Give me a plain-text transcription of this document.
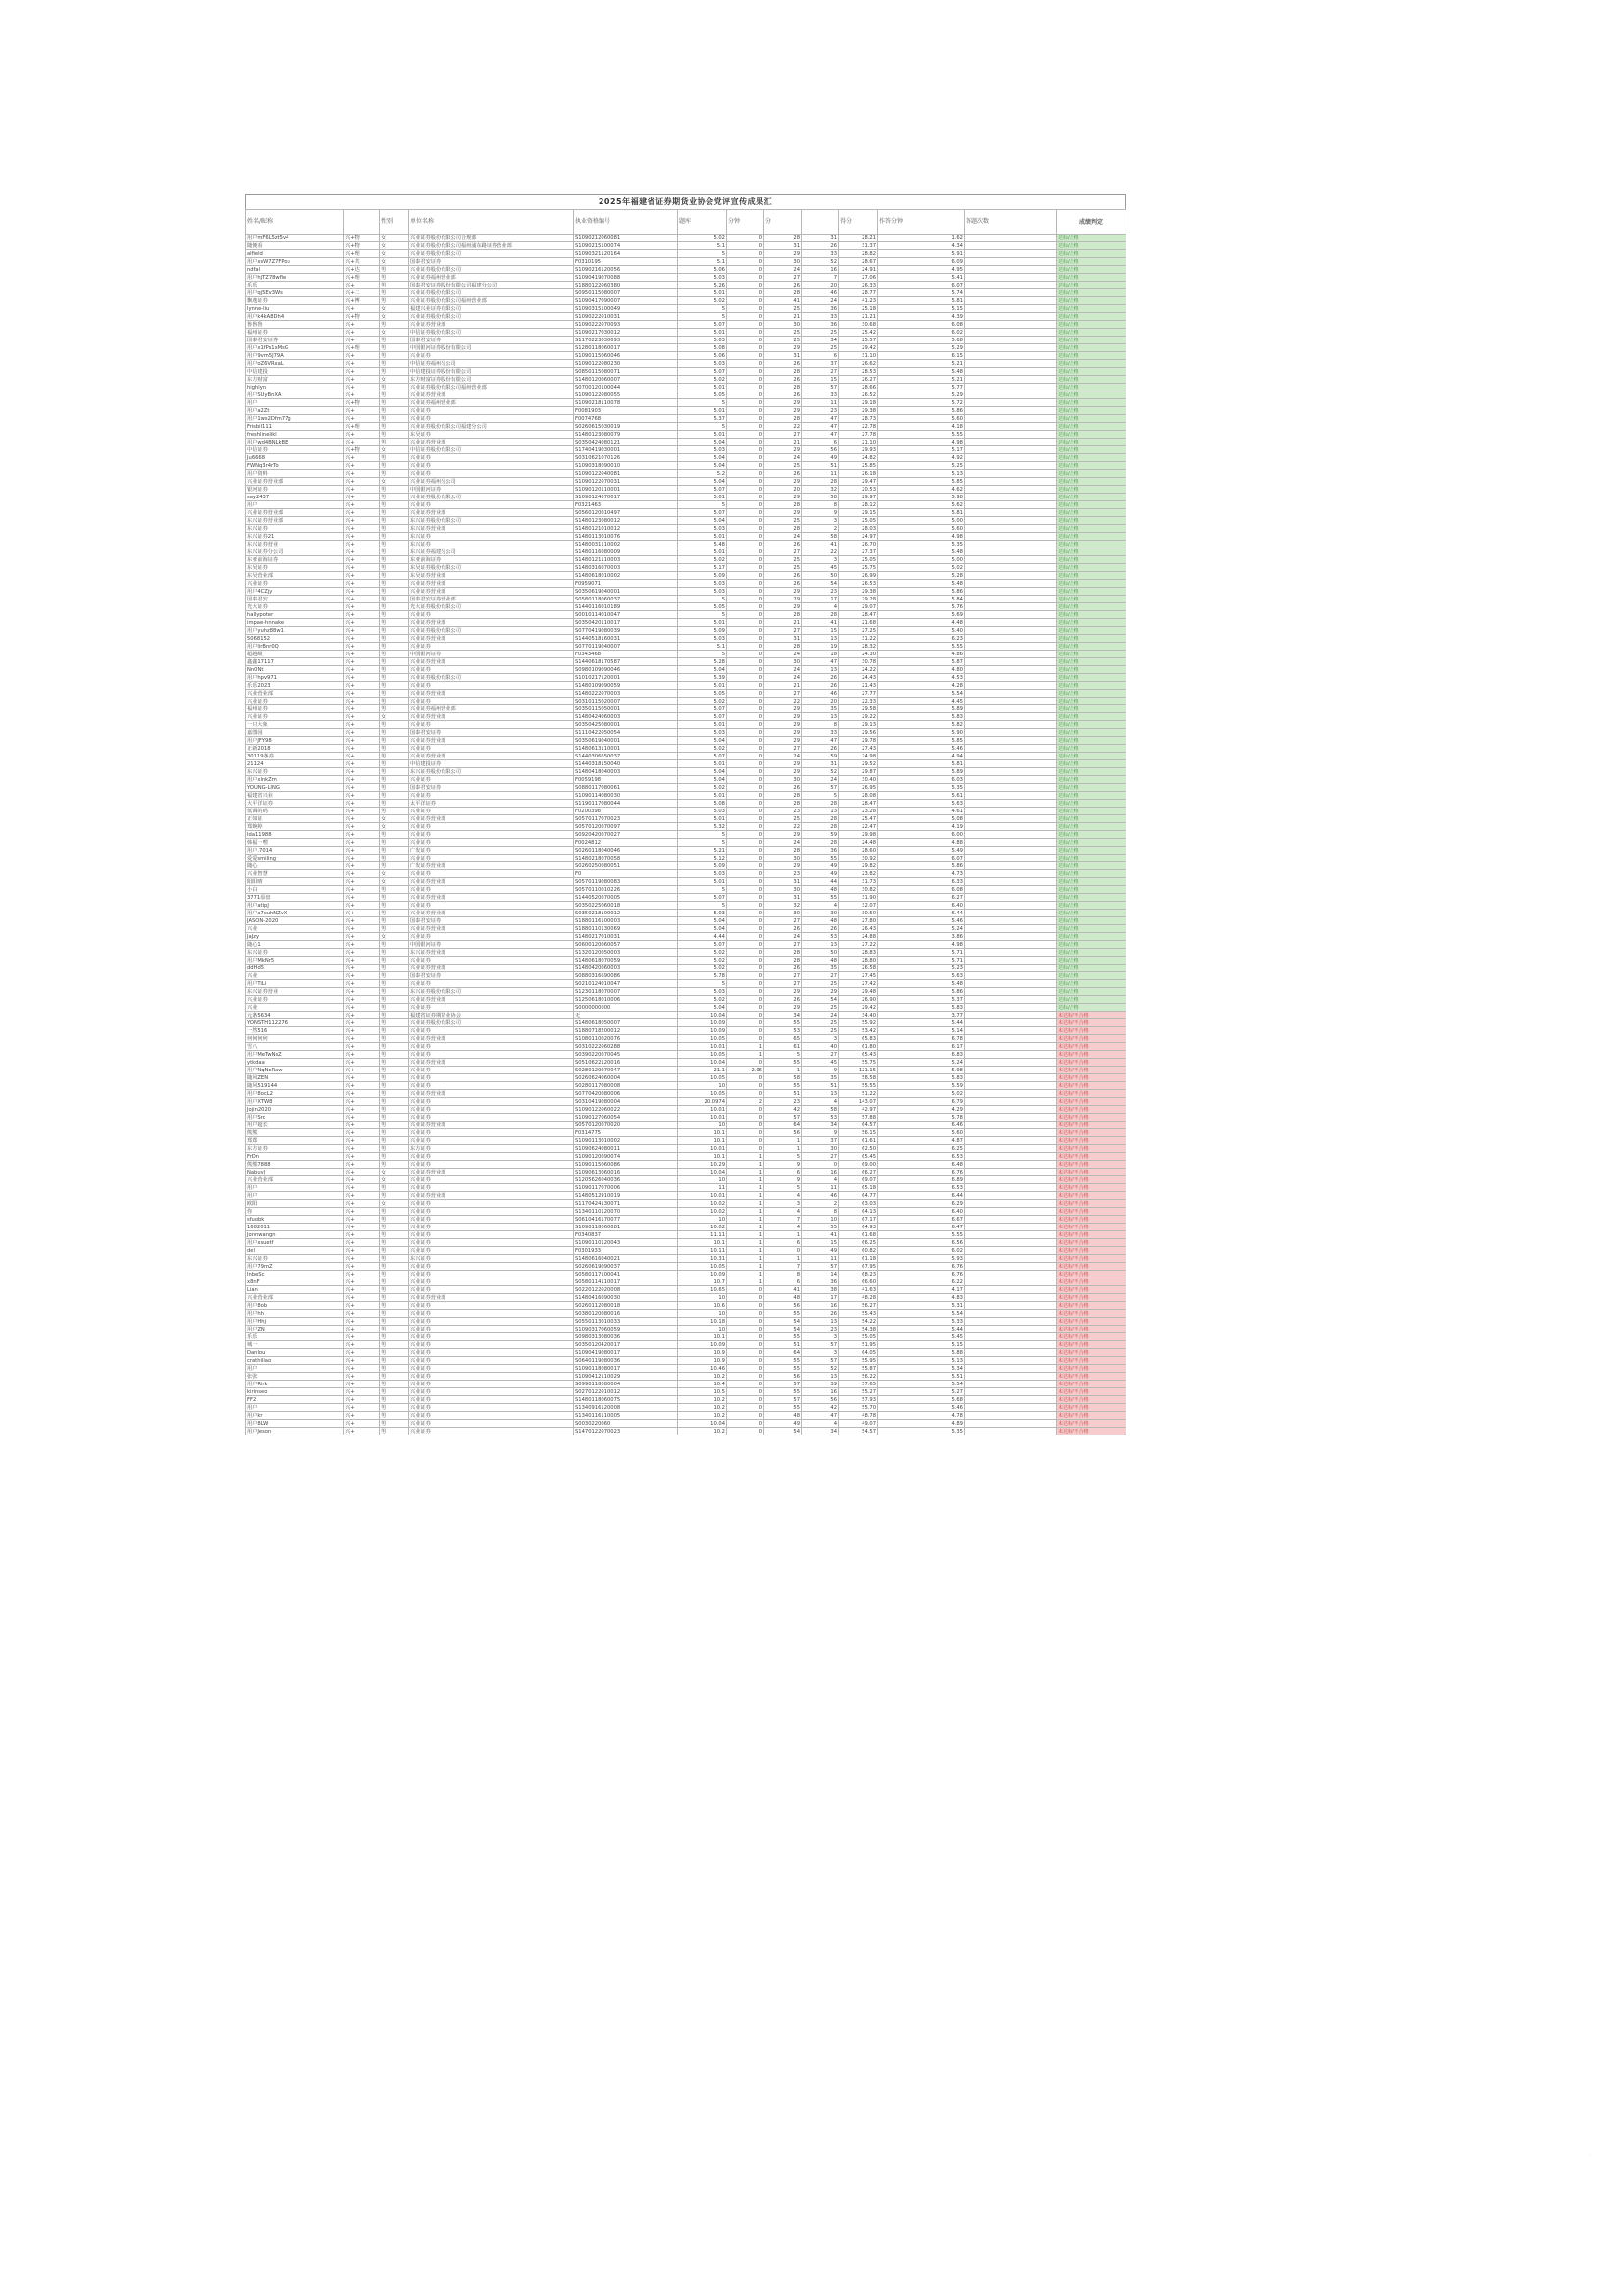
2025年福建省证券期货业协会党评宣传成果汇
姓名/昵称		性别	单位名称	执业资格编号	题库	分钟	分		得分	作答分钟	答题次数	成绩判定
用户mF6L5zt5v4	兴+物	女	兴业证券股份有限公司合规部	S1090212060081	5.02	0	28	31	28.21	1.62		达标/合格
随便看	兴+物	女	兴业证券股份有限公司福州浦东路证券营业部	S1090215100074	5.1	0	31	26	31.37	4.34		达标/合格
alfield	兴+理	女	兴业证券股份有限公司	S1090321120164	5	0	29	33	28.82	5.91		达标/合格
用户xsW7Z7FPou	兴+共	女	国泰君安证券	F0310195	5.1	0	30	52	28.67	6.09		达标/合格
ndfal	兴+达	男	兴业证券股份有限公司	S1090216120056	5.06	0	24	16	24.91	4.95		达标/合格
用户hjTZ78wfle	兴+理	男	兴业证券福州营业部	S1090419070088	5.03	0	27	7	27.06	5.41		达标/合格
乐乐	兴+	男	国泰君安证券股份有限公司福建分公司	S1880122060380	5.26	0	26	20	26.33	6.07		达标/合格
用户qj5Ev3Ws	兴+二	男	兴业证券股份有限公司	S0950115080007	5.01	0	28	46	28.77	5.74		达标/合格
飘逸证券	兴+博	男	兴业证券股份有限公司福州营业部	S1090417090007	5.02	0	41	24	41.23	5.81		达标/合格
lynne-liu	兴+	女	福建兴业证券有限公司	S1090315100049	5	0	25	36	25.18	5.15		达标/合格
用户k4kA8Dh4	兴+物	女	兴业证券股份有限公司	S1090222010031	5	0	21	33	21.21	4.39		达标/合格
鲁鲁鲁	兴+	男	兴业证券营业部	S1090222070093	5.07	0	30	36	30.68	6.08		达标/合格
福州证券	兴+	女	中信证券股份有限公司	S1090217030012	5.01	0	25	25	25.42	6.02		达标/合格
国泰君安证券	兴+	男	国泰君安证券	S1170223030093	5.03	0	25	34	25.57	5.68		达标/合格
用户x1fPs1xMsG	兴+理	男	中国银河证券股份有限公司	S1280118060017	5.08	0	29	25	29.42	5.29		达标/合格
用户9vm5J79A	兴+	男	兴业证券	S1090115060046	5.06	0	31	6	31.10	6.15		达标/合格
用户oZ6VRxaL	兴+	男	中信证券福州分公司	S1090122080230	5.03	0	26	37	26.62	5.21		达标/合格
中信建投	兴+	男	中信建投证券股份有限公司	S0850115080071	5.07	0	28	27	28.53	5.48		达标/合格
东方财富	兴+	女	东方财富证券股份有限公司	S1480120060007	5.02	0	26	15	26.27	5.21		达标/合格
highlyn	兴+	男	兴业证券股份有限公司福州营业部	S0700120100044	5.01	0	28	57	28.66	5.77		达标/合格
用户SUyBnXA	兴+	男	兴业证券营业部	S1090122080055	5.05	0	26	33	26.52	5.29		达标/合格
用户	兴+物	男	兴业证券福州营业部	S1090218110078	5	0	29	11	29.18	5.72		达标/合格
用户a2Zt	兴+	男	兴业证券	F0081903	5.01	0	29	23	29.38	5.86		达标/合格
用户1ws2Dfm77g	兴+	男	兴业证券	F0074768	5.37	0	28	47	28.73	5.60		达标/合格
Frisbil111	兴+理	男	兴业证券股份有限公司福建分公司	S0260615030019	5	0	22	47	22.78	4.18		达标/合格
freshlinelikl	兴+	男	东吴证券	S1480123080079	5.01	0	27	47	27.78	5.55		达标/合格
用户wd4BNLkBE	兴+	男	兴业证券营业部	S0350424080121	5.04	0	21	6	21.10	4.98		达标/合格
中信证券	兴+物	女	中信证券股份有限公司	S1740419030001	5.03	0	29	56	29.93	5.17		达标/合格
Ju6668	兴+	男	兴业证券	S0310621070126	5.04	0	24	49	24.82	4.92		达标/合格
FWNq3r4rTo	兴+	男	兴业证券	S1090318090010	5.04	0	25	51	25.85	5.25		达标/合格
用户资料	兴+	男	兴业证券	S1090122040081	5.2	0	26	11	26.18	5.13		达标/合格
兴业证券营业部	兴+	女	兴业证券福州分公司	S1090122070031	5.04	0	29	28	29.47	5.85		达标/合格
银河证券	兴+	男	中国银河证券	S1090120110001	5.07	0	20	32	20.53	4.62		达标/合格
say2437	兴+	男	兴业证券股份有限公司	S1090124070017	5.01	0	29	58	29.97	5.98		达标/合格
用户	兴+	男	兴业证券	F0321463	5	0	28	8	28.12	5.62		达标/合格
兴业证券营业部	兴+	男	兴业证券营业部	S0560120010497	5.07	0	29	9	29.15	5.81		达标/合格
东兴证券营业部	兴+	男	东兴证券股份有限公司	S1480123080012	5.04	0	25	3	25.05	5.00		达标/合格
东兴证券	兴+	男	东兴证券营业部	S1480121010012	5.03	0	28	2	28.03	5.60		达标/合格
东兴证券21	兴+	男	东兴证券	S1480113010076	5.01	0	24	58	24.97	4.98		达标/合格
东兴证券营业	兴+	男	东兴证券	S1480031110002	5.48	0	26	41	26.70	5.35		达标/合格
东兴证券分公司	兴+	男	东兴证券福建分公司	S1480116080009	5.01	0	27	22	27.37	5.48		达标/合格
东亚前海证券	兴+	男	东亚前海证券	S1480121110003	5.02	0	25	3	25.05	5.00		达标/合格
东吴证券	兴+	男	东吴证券股份有限公司	S1480316070003	5.17	0	25	45	25.75	5.02		达标/合格
东吴营业部	兴+	男	东吴证券营业部	S1480618010002	5.09	0	26	50	26.99	5.28		达标/合格
兴业证券	兴+	男	兴业证券营业部	F0959071	5.03	0	26	54	26.53	5.48		达标/合格
用户4CZjy	兴+	男	兴业证券营业部	S0350619040001	5.03	0	29	23	29.38	5.86		达标/合格
国泰君安	兴+	男	国泰君安证券营业部	S0580118060037	5	0	29	17	29.28	5.84		达标/合格
光大证券	兴+	男	光大证券股份有限公司	S1440116010189	5.05	0	29	4	29.07	5.76		达标/合格
hallypoter	兴+	男	兴业证券	S0010114010047	5	0	28	28	28.47	5.69		达标/合格
impae-hnnake	兴+	男	兴业证券营业部	S0350420110017	5.01	0	21	41	21.68	4.48		达标/合格
用户yuhz88w1	兴+	男	兴业证券股份有限公司	S0770419080039	5.09	0	27	15	27.25	5.40		达标/合格
5068152	兴+	男	兴业证券营业部	S1440518160031	5.03	0	31	13	31.22	6.23		达标/合格
用户lirBnr0Q	兴+	男	兴业证券	S0770119040007	5.1	0	28	19	28.32	5.55		达标/合格
超越级	兴+	男	中国银河证券	F0343468	5	0	24	18	24.30	4.86		达标/合格
鑫鑫17117	兴+	男	兴业证券营业部	S1440618170587	5.28	0	30	47	30.78	5.87		达标/合格
Nn0Nt	兴+	男	兴业证券	S0980109090046	5.04	0	24	13	24.22	4.80		达标/合格
用户hpv971	兴+	男	兴业证券股份有限公司	S1010217120001	5.39	0	24	26	24.43	4.53		达标/合格
乐乐2023	兴+	男	兴业证券	S1480109090059	5.01	0	21	26	21.43	4.28		达标/合格
兴业营业部	兴+	男	兴业证券营业部	S1480222070003	5.05	0	27	46	27.77	5.54		达标/合格
兴业证券	兴+	男	兴业证券	S0310115020007	5.02	0	22	20	22.33	4.45		达标/合格
福州证券	兴+	男	兴业证券福州营业部	S0350115050001	5.07	0	29	35	29.58	5.89		达标/合格
兴业证券	兴+	女	兴业证券营业部	S1480424060003	5.07	0	29	13	29.22	5.83		达标/合格
一只大象	兴+	男	兴业证券	S0350425080001	5.01	0	29	8	29.13	5.82		达标/合格
嘉图园	兴+	男	国泰君安证券	S1110422050054	5.03	0	29	33	29.56	5.90		达标/合格
用户JFY98	兴+	男	兴业证券营业部	S0350619040001	5.04	0	29	47	29.78	5.85		达标/合格
正新2018	兴+	男	兴业证券	S1480613110001	5.02	0	27	26	27.43	5.46		达标/合格
30119条券	兴+	男	兴业证券营业部	S1440306650037	5.07	0	24	59	24.98	4.94		达标/合格
21124	兴+	男	中信建投证券	S1440318150040	5.01	0	29	31	29.52	5.81		达标/合格
东兴证券	兴+	男	东兴证券股份有限公司	S1480418040003	5.04	0	29	52	29.87	5.89		达标/合格
用户xlnkZm	兴+	男	兴业证券	F0059198	5.04	0	30	24	30.40	6.03		达标/合格
YOUNG-LING	兴+	男	国泰君安证券	S0880117080061	5.02	0	26	57	26.95	5.35		达标/合格
福建省兴业	兴+	男	兴业证券	S1090114080030	5.01	0	28	5	28.08	5.61		达标/合格
大平洋证券	兴+	男	太平洋证券	S1190117080044	5.08	0	28	28	28.47	5.63		达标/合格
低调的码	兴+	男	兴业证券	F0200398	5.03	0	23	13	23.28	4.61		达标/合格
正如证	兴+	女	兴业证券营业部	S0570117070023	5.01	0	25	28	25.47	5.08		达标/合格
郑婉婷	兴+	女	兴业证券	S0570120070097	5.32	0	22	28	22.47	4.19		达标/合格
Ida11988	兴+	男	兴业证券	S0920420070027	5	0	29	59	29.98	6.00		达标/合格
韩福一嘿	兴+	男	兴业证券	F0024812	5	0	24	28	24.48	4.88		达标/合格
用户.7014	兴+	男	广发证券	S0260118040046	5.21	0	28	36	28.60	5.49		达标/合格
爱爱smiling	兴+	男	兴业证券	S1480218070058	5.12	0	30	55	30.92	6.07		达标/合格
随心	兴+	男	广发证券营业部	S0260250080051	5.09	0	29	49	29.82	5.86		达标/合格
兴业智慧	兴+	女	兴业证券	F0	5.03	0	23	49	23.82	4.73		达标/合格
阳阳晴	兴+	女	兴业证券营业部	S0570119080083	5.01	0	31	44	31.73	6.33		达标/合格
小白	兴+	男	兴业证券	S0570110010226	5	0	30	48	30.82	6.08		达标/合格
3771原盘	兴+	男	兴业证券营业部	S1440520070005	5.07	0	31	55	31.90	6.27		达标/合格
用户atipJ	兴+	男	兴业证券	S0350225060018	5	0	32	4	32.07	6.40		达标/合格
用户a7cuhNZvX	兴+	男	兴业证券营业部	S0350218100012	5.03	0	30	30	30.50	6.44		达标/合格
JASON-2020	兴+	男	国泰君安证券	S1880116100003	5.04	0	27	48	27.80	5.46		达标/合格
兴业	兴+	男	兴业证券营业部	S1880110130069	5.04	0	26	26	26.43	5.24		达标/合格
JaJzy	兴+	女	兴业证券	S1480217010031	4.44	0	24	53	24.88	3.86		达标/合格
随心1	兴+	男	中国银河证券	S0600120060057	5.07	0	27	13	27.22	4.98		达标/合格
东兴证券	兴+	男	东兴证券营业部	S1320120050003	5.02	0	28	50	28.83	5.71		达标/合格
用户MkNr5	兴+	男	兴业证券	S1480618070059	5.02	0	28	48	28.80	5.71		达标/合格
ddHd5	兴+	男	兴业证券营业部	S1480420060003	5.02	0	26	35	26.58	5.23		达标/合格
兴业	兴+	男	国泰君安证券	S0880316690086	5.78	0	27	27	27.45	5.63		达标/合格
用户TiLi	兴+	男	兴业证券	S0210124010047	5	0	27	25	27.42	5.48		达标/合格
东兴证券营业	兴+	男	东兴证券股份有限公司	S1230118070007	5.03	0	29	29	29.48	5.86		达标/合格
兴业证券	兴+	男	兴业证券营业部	S1250618010006	5.02	0	26	54	26.90	5.37		达标/合格
兴业	兴+	男	兴业证券	S0000000000	5.04	0	29	25	29.42	5.83		达标/合格
元条5634	兴+	男	福建省证券期货业协会	无	10.04	0	34	24	34.40	3.77		未达标/不合格
YONSTH112276	兴+	男	兴业证券股份有限公司	S1480618050007	10.09	0	55	25	55.92	5.44		未达标/不合格
一然516	兴+	男	兴业证券	S1880718200012	10.09	0	53	25	53.42	5.14		未达标/不合格
何何何何	兴+	男	兴业证券营业部	S1080110020076	10.05	0	65	3	65.83	6.78		未达标/不合格
雪八	兴+	男	兴业证券	S0310222060288	10.01	1	61	40	61.80	6.17		未达标/不合格
用户MeTwNsZ	兴+	男	兴业证券	S0390220070045	10.05	1	5	27	65.43	6.83		未达标/不合格
ytkdaa	兴+	男	兴业证券营业部	S0510622120016	10.04	0	55	45	55.75	5.24		未达标/不合格
用户NqNeRaw	兴+	男	兴业证券	S0280120070047	21.1	2.06	1	9	121.15	5.98		未达标/不合格
随风ZEN	兴+	男	兴业证券	S0260624060004	10.05	0	58	35	58.58	5.83		未达标/不合格
随风519144	兴+	男	兴业证券	S0280117080008	10	0	55	51	55.55	5.59		未达标/不合格
用户8ocL2	兴+	男	兴业证券营业部	S0770420080006	10.05	0	51	13	51.22	5.02		未达标/不合格
用户XTW8	兴+	男	兴业证券	S0310419080004	20.0974	2	23	4	143.07	6.79		未达标/不合格
Jojin2020	兴+	男	兴业证券	S1090122060022	10.01	0	42	58	42.97	4.29		未达标/不合格
用户Src	兴+	男	兴业证券	S1090127060054	10.01	0	57	53	57.88	5.78		未达标/不合格
用户超长	兴+	男	兴业证券营业部	S0570120070020	10	0	64	34	64.57	6.46		未达标/不合格
熊熊	兴+	男	兴业证券	F0314775	10.1	0	56	9	56.15	5.60		未达标/不合格
郑郑	兴+	男	兴业证券	S1090113010002	10.1	0	1	37	61.61	4.87		未达标/不合格
东方证券	兴+	男	东方证券	S1090624080011	10.01	0	1	30	62.50	6.25		未达标/不合格
FrDn	兴+	男	兴业证券	S1090120090074	10.1	1	5	27	65.45	6.53		未达标/不合格
熊熊7888	兴+	男	兴业证券	S1090115060086	10.29	1	9	0	69.00	6.48		未达标/不合格
Nabuyl	兴+	女	兴业证券营业部	S1090613060016	10.04	1	6	16	66.27	6.76		未达标/不合格
兴业营业部	兴+	女	兴业证券	S1205626040036	10	1	9	4	69.07	6.89		未达标/不合格
用户	兴+	男	兴业证券	S1090117070006	11	1	5	11	65.18	6.53		未达标/不合格
用户	兴+	男	兴业证券营业部	S1480512910019	10.01	1	4	46	64.77	6.44		未达标/不合格
欧阳	兴+	女	兴业证券	S1170424130071	10.02	1	3	2	63.03	6.29		未达标/不合格
你	兴+	男	兴业证券	S1340110120070	10.02	1	4	8	64.13	6.40		未达标/不合格
sfuobk	兴+	男	兴业证券	S0610416170077	10	1	7	10	67.17	6.67		未达标/不合格
1682011	兴+	男	兴业证券	S1090118060081	10.02	1	4	55	64.93	6.47		未达标/不合格
Jonnwangn	兴+	男	兴业证券	F0340837	11.11	1	1	41	61.68	5.55		未达标/不合格
用户xsuetf	兴+	男	兴业证券	S1090110120043	10.1	1	6	15	66.25	6.56		未达标/不合格
del	兴+	男	兴业证券	F0301933	10.11	1	0	49	60.82	6.02		未达标/不合格
东兴证券	兴+	男	东兴证券	S1480616040021	10.31	1	1	11	61.18	5.93		未达标/不合格
用户79mZ	兴+	男	兴业证券	S0260619090037	10.05	1	7	57	67.95	6.76		未达标/不合格
InbeSc	兴+	男	兴业证券	S0580117100041	10.09	1	8	14	68.23	6.76		未达标/不合格
x8nF	兴+	男	兴业证券	S0580114110017	10.7	1	6	36	66.60	6.22		未达标/不合格
Lian	兴+	男	兴业证券	S0220122020008	10.65	0	41	38	41.63	4.17		未达标/不合格
兴业营业部	兴+	男	兴业证券营业部	S1480416090030	10	0	48	17	48.28	4.83		未达标/不合格
用户8ob	兴+	男	兴业证券	S0260112080018	10.6	0	56	16	56.27	5.31		未达标/不合格
用户hh	兴+	男	兴业证券	S0380120080016	10	0	55	26	55.43	5.54		未达标/不合格
用户Hhj	兴+	男	兴业证券	S0550113010033	10.18	0	54	13	54.22	5.33		未达标/不合格
用户ZN	兴+	男	兴业证券	S1090317060059	10	0	54	23	54.38	5.44		未达标/不合格
乐乐	兴+	男	兴业证券	S0980313080036	10.1	0	55	3	55.05	5.45		未达标/不合格
城一	兴+	男	兴业证券	S0350120420017	10.09	0	51	57	51.95	5.15		未达标/不合格
Danlou	兴+	男	兴业证券	S1090419080017	10.9	0	64	3	64.05	5.88		未达标/不合格
crathiliao	兴+	男	兴业证券	S0640119080036	10.9	0	55	57	55.95	5.13		未达标/不合格
用户	兴+	男	兴业证券	S1090118080017	10.46	0	55	52	55.87	5.34		未达标/不合格
张张	兴+	男	兴业证券	S1090412110029	10.2	0	56	13	56.22	5.51		未达标/不合格
用户Rirk	兴+	男	兴业证券	S0990118080004	10.4	0	57	39	57.65	5.54		未达标/不合格
kirinseo	兴+	男	兴业证券	S0270122010012	10.5	0	55	16	55.27	5.27		未达标/不合格
FF2	兴+	男	兴业证券	S1480118060075	10.2	0	57	56	57.93	5.68		未达标/不合格
用户	兴+	男	兴业证券	S1340916120008	10.2	0	55	42	55.70	5.46		未达标/不合格
用户kr	兴+	男	兴业证券	S1340116110005	10.2	0	48	47	48.78	4.78		未达标/不合格
用户8LW	兴+	男	兴业证券	S0030220060	10.04	0	49	4	49.07	4.89		未达标/不合格
用户Jeson	兴+	男	兴业证券	S1470122070023	10.2	0	54	34	54.57	5.35		未达标/不合格
·
